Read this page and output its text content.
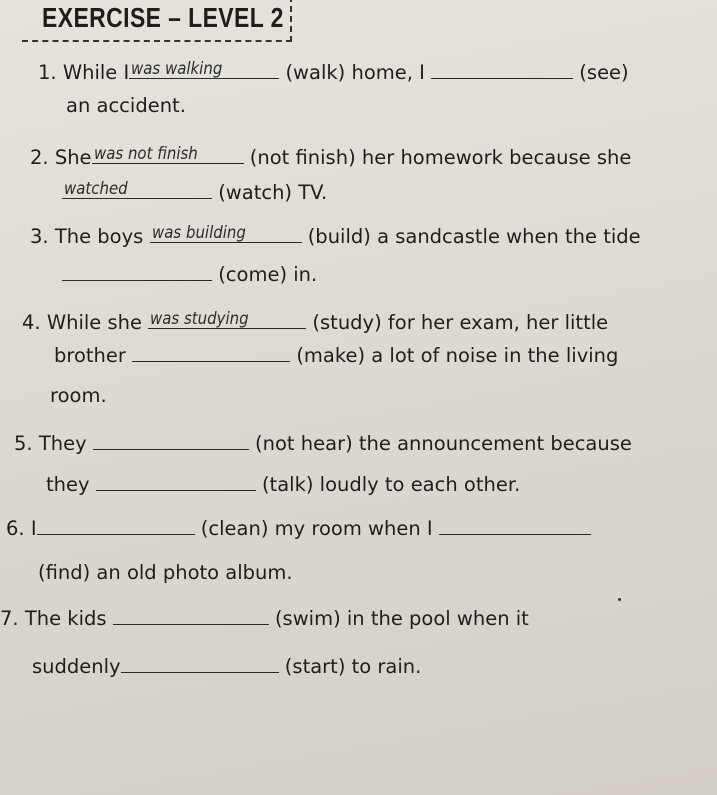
EXERCISE – LEVEL 2
1. While I was walking	(walk) home, I	(see)
an accident.
2. She was not finish	(not finish) her homework because she
watched	(watch) TV.
3. The boys was building	(build) a sandcastle when the tide
(come) in.
4. While she was studying	(study) for her exam, her little
brother	(make) a lot of noise in the living
room.
5. They	(not hear) the announcement because
they	(talk) loudly to each other.
6. I	(clean) my room when I
(find) an old photo album.
7. The kids	(swim) in the pool when it
suddenly	(start) to rain.
